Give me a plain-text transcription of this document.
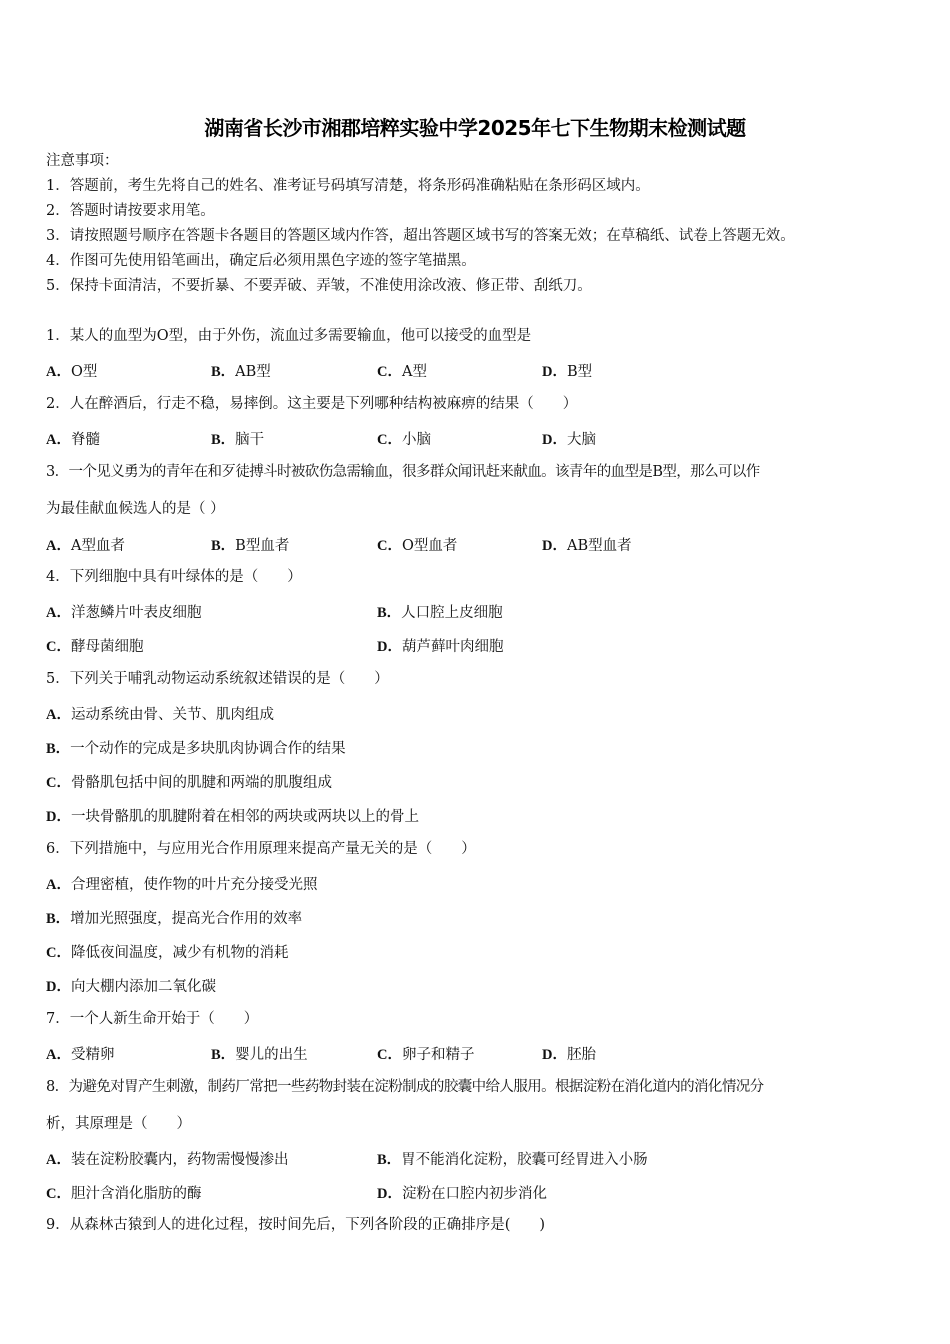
湖南省长沙市湘郡培粹实验中学2025年七下生物期末检测试题
注意事项：
1．答题前，考生先将自己的姓名、准考证号码填写清楚，将条形码准确粘贴在条形码区域内。
2．答题时请按要求用笔。
3．请按照题号顺序在答题卡各题目的答题区域内作答，超出答题区域书写的答案无效；在草稿纸、试卷上答题无效。
4．作图可先使用铅笔画出，确定后必须用黑色字迹的签字笔描黑。
5．保持卡面清洁，不要折暴、不要弄破、弄皱，不准使用涂改液、修正带、刮纸刀。
1．某人的血型为O型，由于外伤，流血过多需要输血，他可以接受的血型是
A．O型	B．AB型	C．A型	D．B型
2．人在醉酒后，行走不稳，易摔倒。这主要是下列哪种结构被麻痹的结果（　　）
A．脊髓	B．脑干	C．小脑	D．大脑
3．一个见义勇为的青年在和歹徒搏斗时被砍伤急需输血，很多群众闻讯赶来献血。该青年的血型是B型，那么可以作
为最佳献血候选人的是（ ）
A．A型血者	B．B型血者	C．O型血者	D．AB型血者
4．下列细胞中具有叶绿体的是（　　）
A．洋葱鳞片叶表皮细胞	B．人口腔上皮细胞
C．酵母菌细胞	D．葫芦藓叶肉细胞
5．下列关于哺乳动物运动系统叙述错误的是（　　）
A．运动系统由骨、关节、肌肉组成
B．一个动作的完成是多块肌肉协调合作的结果
C．骨骼肌包括中间的肌腱和两端的肌腹组成
D．一块骨骼肌的肌腱附着在相邻的两块或两块以上的骨上
6．下列措施中，与应用光合作用原理来提高产量无关的是（　　）
A．合理密植，使作物的叶片充分接受光照
B．增加光照强度，提高光合作用的效率
C．降低夜间温度，减少有机物的消耗
D．向大棚内添加二氧化碳
7．一个人新生命开始于（　　）
A．受精卵	B．婴儿的出生	C．卵子和精子	D．胚胎
8．为避免对胃产生刺激，制药厂常把一些药物封装在淀粉制成的胶囊中给人服用。根据淀粉在消化道内的消化情况分
析，其原理是（　　）
A．装在淀粉胶囊内，药物需慢慢渗出	B．胃不能消化淀粉，胶囊可经胃进入小肠
C．胆汁含消化脂肪的酶	D．淀粉在口腔内初步消化
9．从森林古猿到人的进化过程，按时间先后，下列各阶段的正确排序是(　　)
